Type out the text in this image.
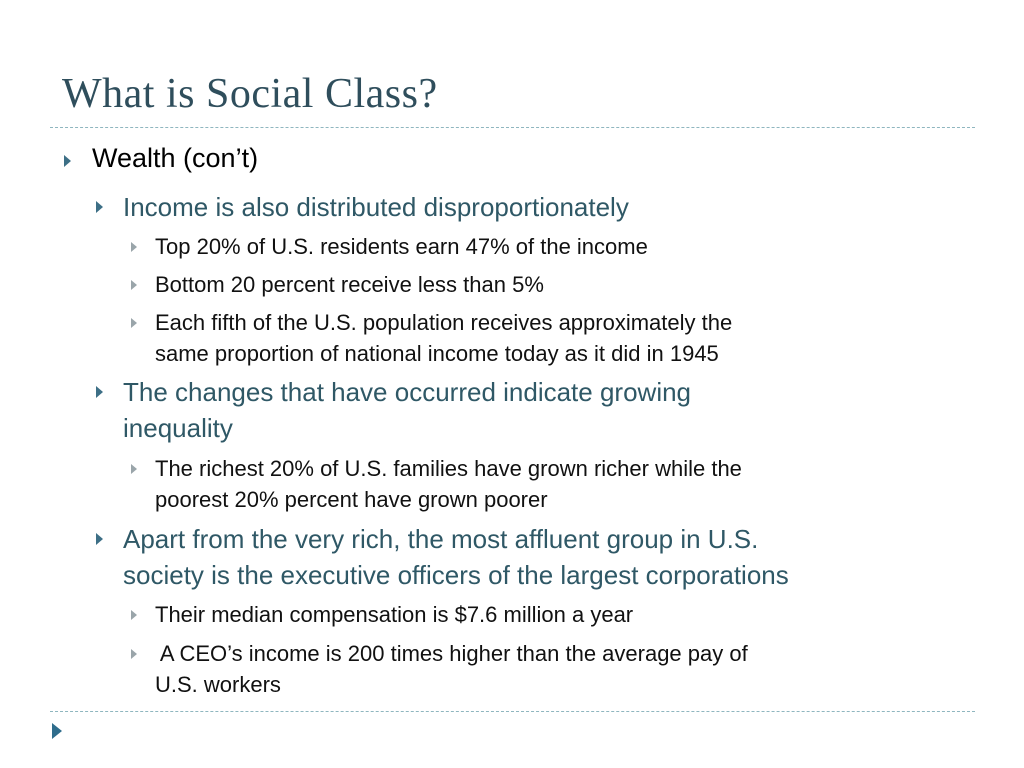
What is Social Class?
Wealth (con’t)
Income is also distributed disproportionately
Top 20% of U.S. residents earn 47% of the income
Bottom 20 percent receive less than 5%
Each fifth of the U.S. population receives approximately the
same proportion of national income today as it did in 1945
The changes that have occurred indicate growing
inequality
The richest 20% of U.S. families have grown richer while the
poorest 20% percent have grown poorer
Apart from the very rich, the most affluent group in U.S.
society is the executive officers of the largest corporations
Their median compensation is $7.6 million a year
A CEO’s income is 200 times higher than the average pay of
U.S. workers
